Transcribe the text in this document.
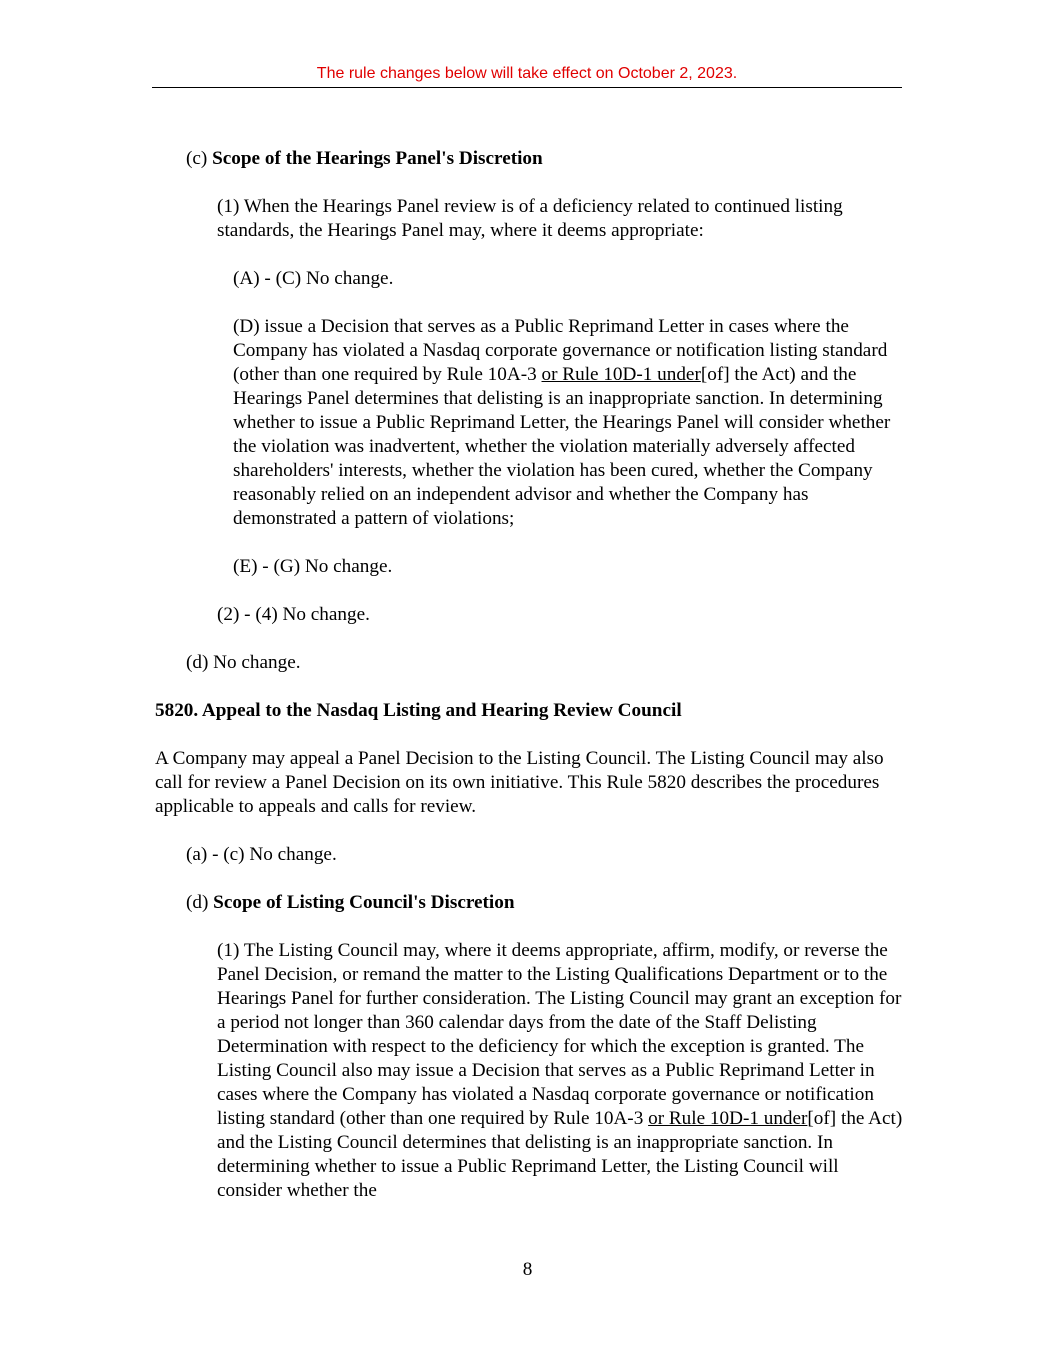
The rule changes below will take effect on October 2, 2023.

(c) Scope of the Hearings Panel's Discretion

(1) When the Hearings Panel review is of a deficiency related to continued listing standards, the Hearings Panel may, where it deems appropriate:

(A) - (C) No change.

(D) issue a Decision that serves as a Public Reprimand Letter in cases where the Company has violated a Nasdaq corporate governance or notification listing standard (other than one required by Rule 10A-3 or Rule 10D-1 under[of] the Act) and the Hearings Panel determines that delisting is an inappropriate sanction. In determining whether to issue a Public Reprimand Letter, the Hearings Panel will consider whether the violation was inadvertent, whether the violation materially adversely affected shareholders' interests, whether the violation has been cured, whether the Company reasonably relied on an independent advisor and whether the Company has demonstrated a pattern of violations;

(E) - (G) No change.

(2) - (4) No change.

(d) No change.

5820. Appeal to the Nasdaq Listing and Hearing Review Council

A Company may appeal a Panel Decision to the Listing Council. The Listing Council may also call for review a Panel Decision on its own initiative. This Rule 5820 describes the procedures applicable to appeals and calls for review.

(a) - (c) No change.

(d) Scope of Listing Council's Discretion

(1) The Listing Council may, where it deems appropriate, affirm, modify, or reverse the Panel Decision, or remand the matter to the Listing Qualifications Department or to the Hearings Panel for further consideration. The Listing Council may grant an exception for a period not longer than 360 calendar days from the date of the Staff Delisting Determination with respect to the deficiency for which the exception is granted. The Listing Council also may issue a Decision that serves as a Public Reprimand Letter in cases where the Company has violated a Nasdaq corporate governance or notification listing standard (other than one required by Rule 10A-3 or Rule 10D-1 under[of] the Act) and the Listing Council determines that delisting is an inappropriate sanction. In determining whether to issue a Public Reprimand Letter, the Listing Council will consider whether the

8
